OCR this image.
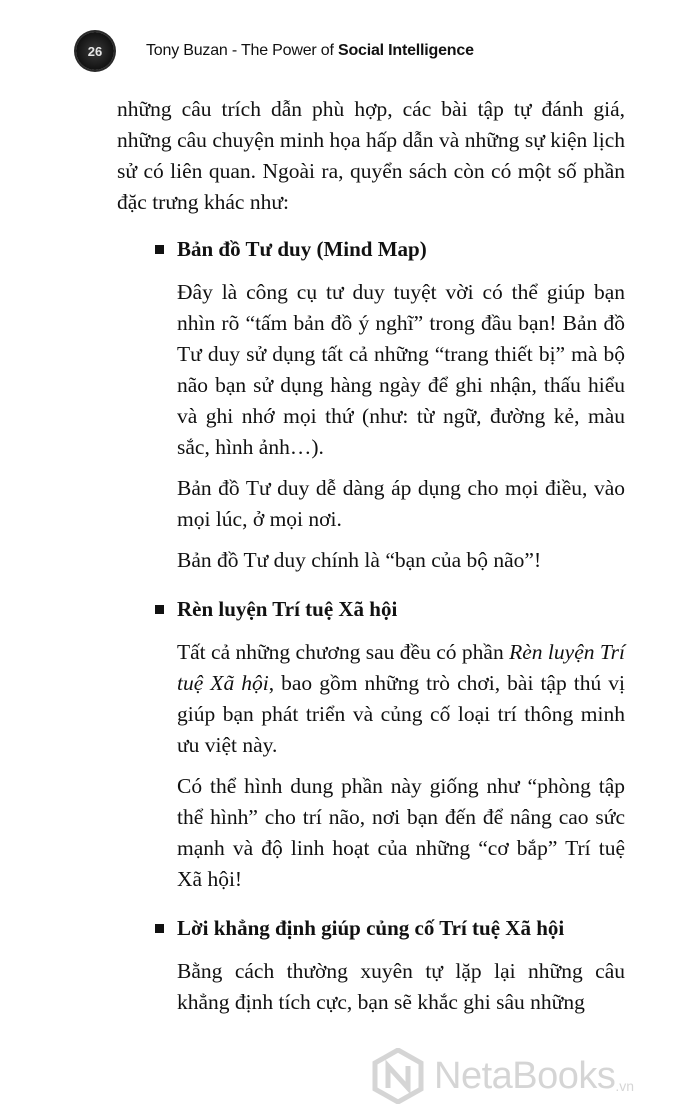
26	Tony Buzan - The Power of Social Intelligence

những câu trích dẫn phù hợp, các bài tập tự đánh giá, những câu chuyện minh họa hấp dẫn và những sự kiện lịch sử có liên quan. Ngoài ra, quyển sách còn có một số phần đặc trưng khác như:

Bản đồ Tư duy (Mind Map)

Đây là công cụ tư duy tuyệt vời có thể giúp bạn nhìn rõ “tấm bản đồ ý nghĩ” trong đầu bạn! Bản đồ Tư duy sử dụng tất cả những “trang thiết bị” mà bộ não bạn sử dụng hàng ngày để ghi nhận, thấu hiểu và ghi nhớ mọi thứ (như: từ ngữ, đường kẻ, màu sắc, hình ảnh…).

Bản đồ Tư duy dễ dàng áp dụng cho mọi điều, vào mọi lúc, ở mọi nơi.

Bản đồ Tư duy chính là “bạn của bộ não”!

Rèn luyện Trí tuệ Xã hội

Tất cả những chương sau đều có phần Rèn luyện Trí tuệ Xã hội, bao gồm những trò chơi, bài tập thú vị giúp bạn phát triển và củng cố loại trí thông minh ưu việt này.

Có thể hình dung phần này giống như “phòng tập thể hình” cho trí não, nơi bạn đến để nâng cao sức mạnh và độ linh hoạt của những “cơ bắp” Trí tuệ Xã hội!

Lời khẳng định giúp củng cố Trí tuệ Xã hội

Bằng cách thường xuyên tự lặp lại những câu khẳng định tích cực, bạn sẽ khắc ghi sâu những

NetaBooks .vn
